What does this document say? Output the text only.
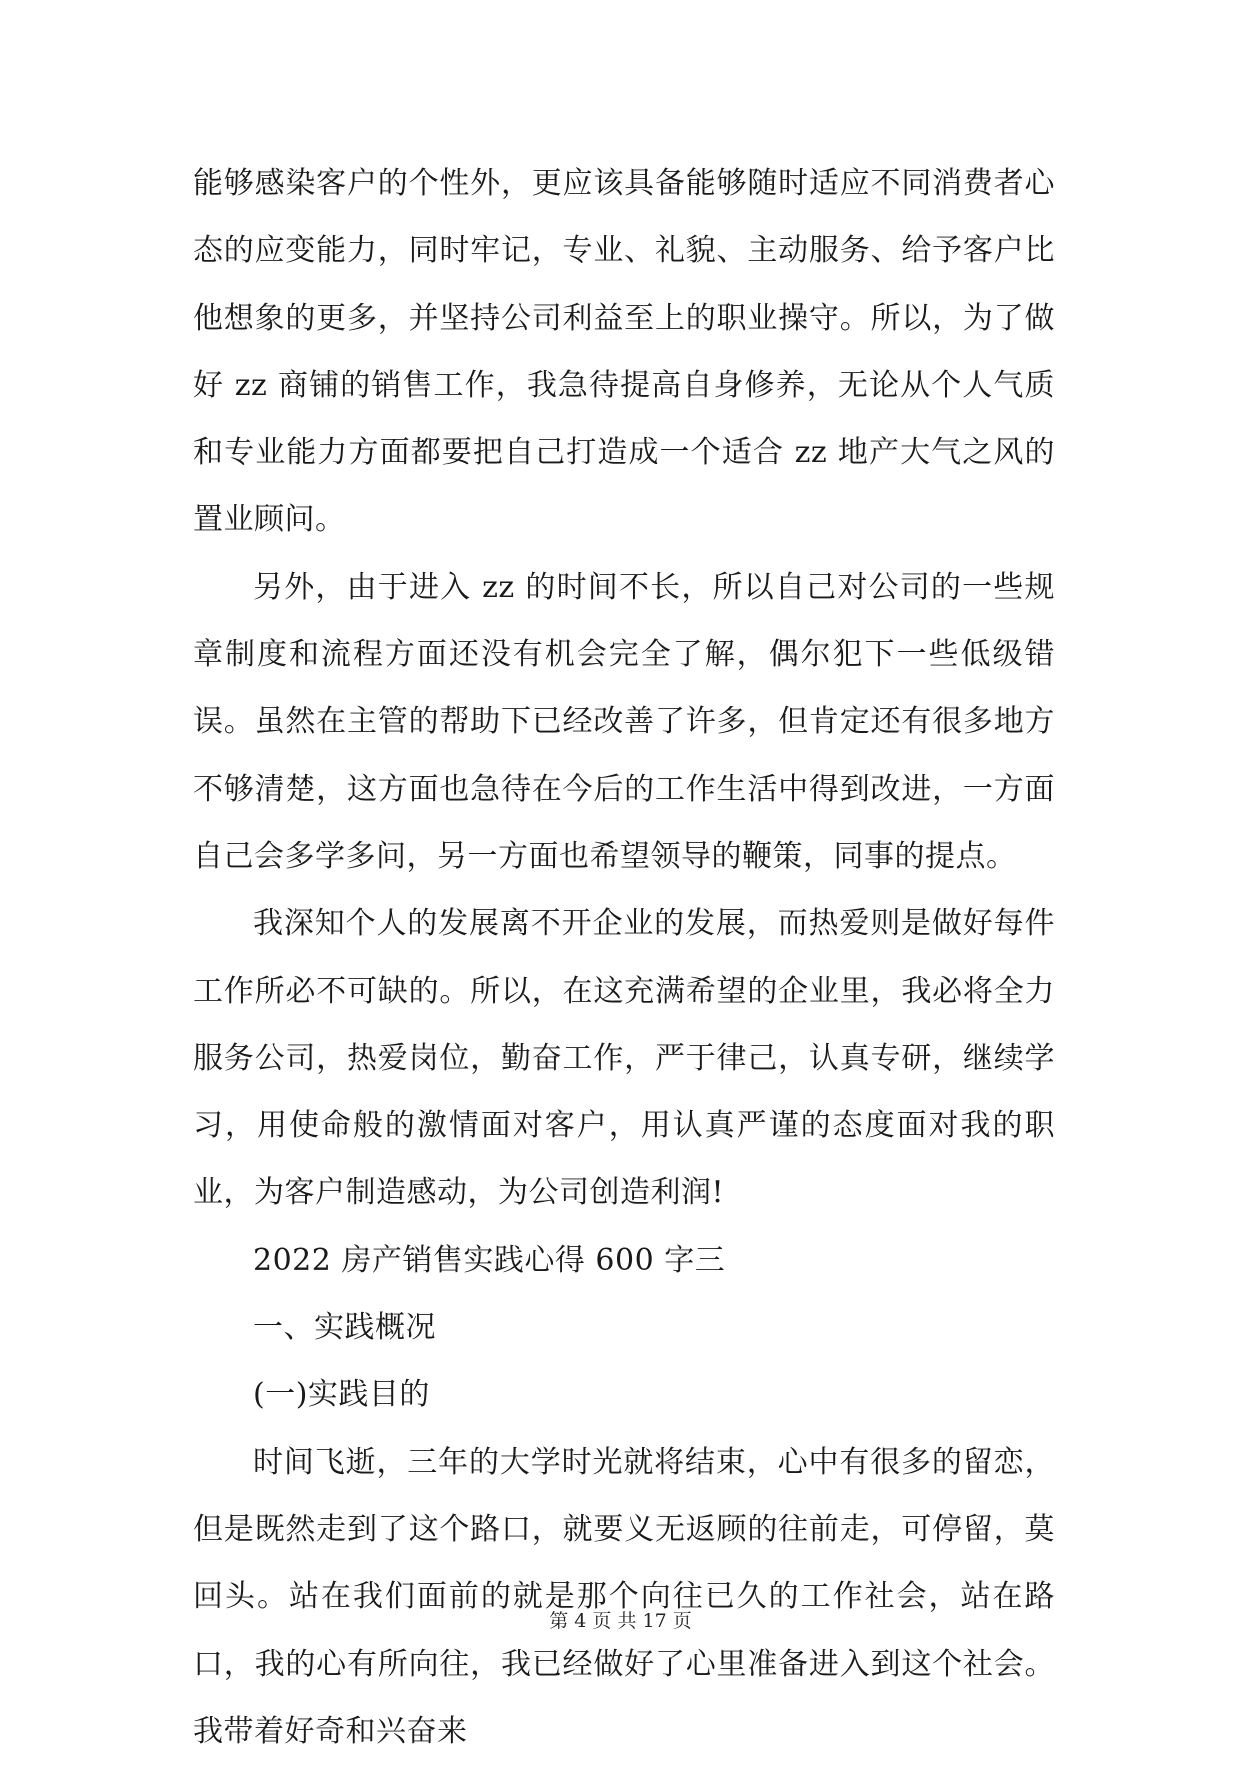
能够感染客户的个性外，更应该具备能够随时适应不同消费者心态的应变能力，同时牢记，专业、礼貌、主动服务、给予客户比他想象的更多，并坚持公司利益至上的职业操守。所以，为了做好 zz 商铺的销售工作，我急待提高自身修养，无论从个人气质和专业能力方面都要把自己打造成一个适合 zz 地产大气之风的置业顾问。

另外，由于进入 zz 的时间不长，所以自己对公司的一些规章制度和流程方面还没有机会完全了解，偶尔犯下一些低级错误。虽然在主管的帮助下已经改善了许多，但肯定还有很多地方不够清楚，这方面也急待在今后的工作生活中得到改进，一方面自己会多学多问，另一方面也希望领导的鞭策，同事的提点。

我深知个人的发展离不开企业的发展，而热爱则是做好每件工作所必不可缺的。所以，在这充满希望的企业里，我必将全力服务公司，热爱岗位，勤奋工作，严于律己，认真专研，继续学习，用使命般的激情面对客户，用认真严谨的态度面对我的职业，为客户制造感动，为公司创造利润!

2022 房产销售实践心得 600 字三

一、实践概况

(一)实践目的

时间飞逝，三年的大学时光就将结束，心中有很多的留恋，但是既然走到了这个路口，就要义无返顾的往前走，可停留，莫回头。站在我们面前的就是那个向往已久的工作社会，站在路口，我的心有所向往，我已经做好了心里准备进入到这个社会。我带着好奇和兴奋来

第 4 页 共 17 页
